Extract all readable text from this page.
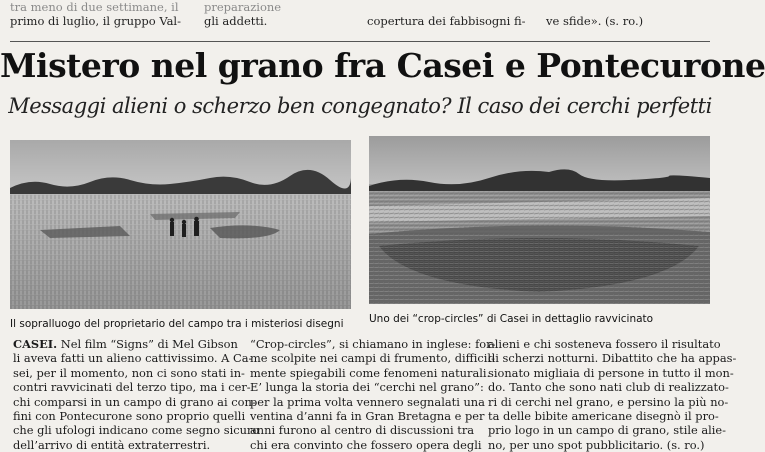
tra meno di due settimane, il
primo di luglio, il gruppo Val-
preparazione
gli addetti.
	copertura dei fabbisogni fi-
ve sfide». (s. ro.)
Mistero nel grano fra Casei e Pontecurone
Messaggi alieni o scherzo ben congegnato? Il caso dei cerchi perfetti
Il sopralluogo del proprietario del campo tra i misteriosi disegni Uno dei “crop-circles” di Casei in dettaglio ravvicinato
CASEI. Nel film “Signs” di Mel Gibson
li aveva fatti un alieno cattivissimo. A Ca-
sei, per il momento, non ci sono stati in-
contri ravvicinati del terzo tipo, ma i cer-
chi comparsi in un campo di grano ai con-
fini con Pontecurone sono proprio quelli
che gli ufologi indicano come segno sicuro
dell’arrivo di entità extraterrestri.
“Crop-circles”, si chiamano in inglese: for-
me scolpite nei campi di frumento, difficil-
mente spiegabili come fenomeni naturali.
E’ lunga la storia dei “cerchi nel grano”:
per la prima volta vennero segnalati una
ventina d’anni fa in Gran Bretagna e per
anni furono al centro di discussioni tra
chi era convinto che fossero opera degli
alieni e chi sosteneva fossero il risultato
di scherzi notturni. Dibattito che ha appas-
sionato migliaia di persone in tutto il mon-
do. Tanto che sono nati club di realizzato-
ri di cerchi nel grano, e persino la più no-
ta delle bibite americane disegnò il pro-
prio logo in un campo di grano, stile alie-
no, per uno spot pubblicitario. (s. ro.)
